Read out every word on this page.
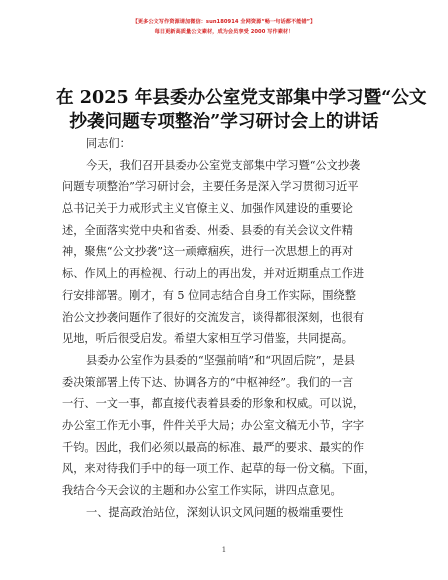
【更多公文写作资源请加微信：sun180914 全网资源“畅一句话都不能错”】
每日更新高质量公文素材，成为会员享受 2000 写作素材！
在 2025 年县委办公室党支部集中学习暨“公文
抄袭问题专项整治”学习研讨会上的讲话
同志们：
今天，我们召开县委办公室党支部集中学习暨“公文抄袭
问题专项整治”学习研讨会，主要任务是深入学习贯彻习近平
总书记关于力戒形式主义官僚主义、加强作风建设的重要论
述，全面落实党中央和省委、州委、县委的有关会议文件精
神，聚焦“公文抄袭”这一顽瘴痼疾，进行一次思想上的再对
标、作风上的再检视、行动上的再出发，并对近期重点工作进
行安排部署。刚才，有 5 位同志结合自身工作实际，围绕整
治公文抄袭问题作了很好的交流发言，谈得都很深刻，也很有
见地，听后很受启发。希望大家相互学习借鉴，共同提高。
县委办公室作为县委的“坚强前哨”和“巩固后院”，是县
委决策部署上传下达、协调各方的“中枢神经”。我们的一言
一行、一文一事，都直接代表着县委的形象和权威。可以说，
办公室工作无小事，件件关乎大局；办公室文稿无小节，字字
千钧。因此，我们必须以最高的标准、最严的要求、最实的作
风，来对待我们手中的每一项工作、起草的每一份文稿。下面，
我结合今天会议的主题和办公室工作实际，讲四点意见。
一、提高政治站位，深刻认识文风问题的极端重要性
1
